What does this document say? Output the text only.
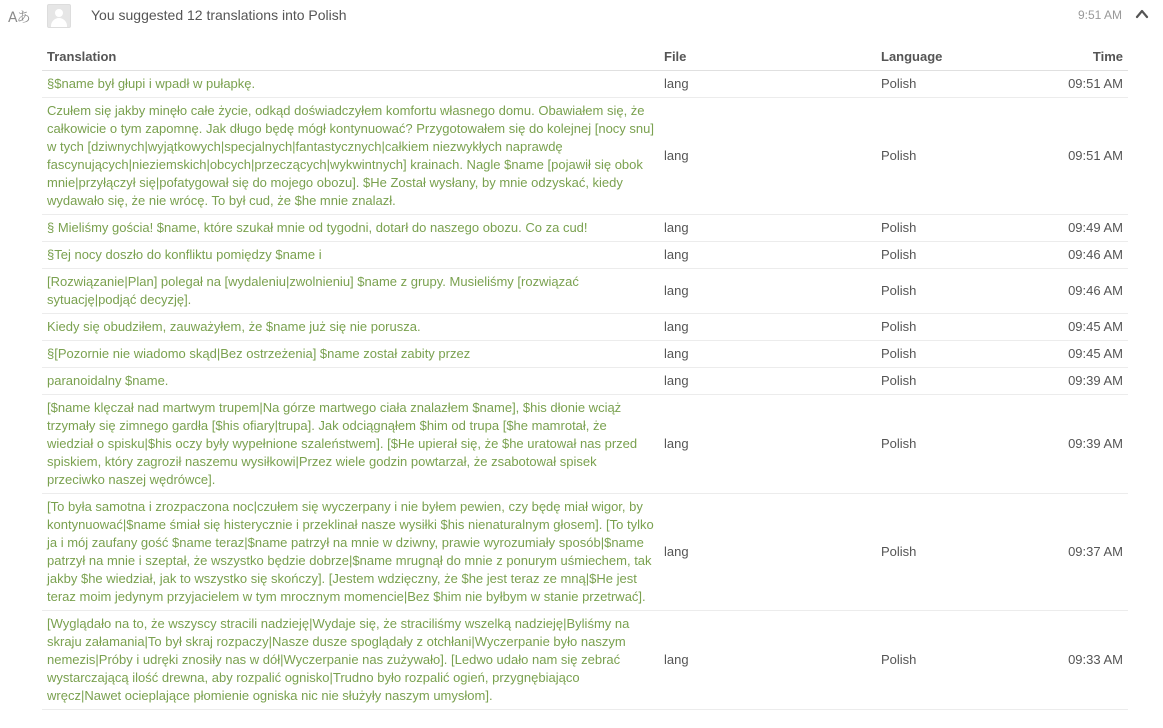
Aあ	You suggested 12 translations into Polish	9:51 AM
Translation	File	Language	Time
§$name był głupi i wpadł w pułapkę.	lang	Polish	09:51 AM
Czułem się jakby minęło całe życie, odkąd doświadczyłem komfortu własnego domu. Obawiałem się, że całkowicie o tym zapomnę. Jak długo będę mógł kontynuować? Przygotowałem się do kolejnej [nocy snu] w tych [dziwnych|wyjątkowych|specjalnych|fantastycznych|całkiem niezwykłych naprawdę fascynujących|nieziemskich|obcych|przeczących|wykwintnych] krainach. Nagle $name [pojawił się obok mnie|przyłączył się|pofatygował się do mojego obozu]. $He Został wysłany, by mnie odzyskać, kiedy wydawało się, że nie wrócę. To był cud, że $he mnie znalazł.	lang	Polish	09:51 AM
§ Mieliśmy gościa! $name, które szukał mnie od tygodni, dotarł do naszego obozu. Co za cud!	lang	Polish	09:49 AM
§Tej nocy doszło do konfliktu pomiędzy $name i	lang	Polish	09:46 AM
[Rozwiązanie|Plan] polegał na [wydaleniu|zwolnieniu] $name z grupy. Musieliśmy [rozwiązać sytuację|podjąć decyzję].	lang	Polish	09:46 AM
Kiedy się obudziłem, zauważyłem, że $name już się nie porusza.	lang	Polish	09:45 AM
§[Pozornie nie wiadomo skąd|Bez ostrzeżenia] $name został zabity przez	lang	Polish	09:45 AM
paranoidalny $name.	lang	Polish	09:39 AM
[$name klęczał nad martwym trupem|Na górze martwego ciała znalazłem $name], $his dłonie wciąż trzymały się zimnego gardła [$his ofiary|trupa]. Jak odciągnąłem $him od trupa [$he mamrotał, że wiedział o spisku|$his oczy były wypełnione szaleństwem]. [$He upierał się, że $he uratował nas przed spiskiem, który zagroził naszemu wysiłkowi|Przez wiele godzin powtarzał, że zsabotował spisek przeciwko naszej wędrówce].	lang	Polish	09:39 AM
[To była samotna i zrozpaczona noc|czułem się wyczerpany i nie byłem pewien, czy będę miał wigor, by kontynuować|$name śmiał się histerycznie i przeklinał nasze wysiłki $his nienaturalnym głosem]. [To tylko ja i mój zaufany gość $name teraz|$name patrzył na mnie w dziwny, prawie wyrozumiały sposób|$name patrzył na mnie i szeptał, że wszystko będzie dobrze|$name mrugnął do mnie z ponurym uśmiechem, tak jakby $he wiedział, jak to wszystko się skończy]. [Jestem wdzięczny, że $he jest teraz ze mną|$He jest teraz moim jedynym przyjacielem w tym mrocznym momencie|Bez $him nie byłbym w stanie przetrwać].	lang	Polish	09:37 AM
[Wyglądało na to, że wszyscy stracili nadzieję|Wydaje się, że straciliśmy wszelką nadzieję|Byliśmy na skraju załamania|To był skraj rozpaczy|Nasze dusze spoglądały z otchłani|Wyczerpanie było naszym nemezis|Próby i udręki znosiły nas w dół|Wyczerpanie nas zużywało]. [Ledwo udało nam się zebrać wystarczającą ilość drewna, aby rozpalić ognisko|Trudno było rozpalić ogień, przygnębiająco wręcz|Nawet ocieplające płomienie ogniska nic nie służyły naszym umysłom].	lang	Polish	09:33 AM
